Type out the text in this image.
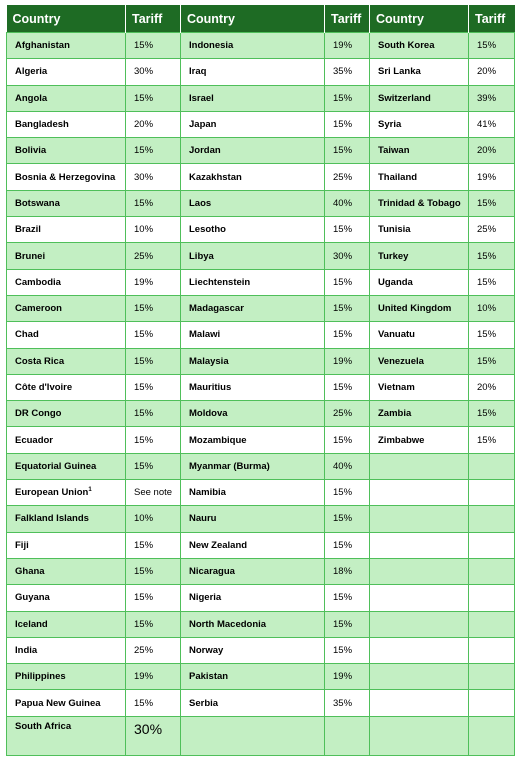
Country	Tariff	Country	Tariff	Country	Tariff
Afghanistan	15%	Indonesia	19%	South Korea	15%
Algeria	30%	Iraq	35%	Sri Lanka	20%
Angola	15%	Israel	15%	Switzerland	39%
Bangladesh	20%	Japan	15%	Syria	41%
Bolivia	15%	Jordan	15%	Taiwan	20%
Bosnia & Herzegovina	30%	Kazakhstan	25%	Thailand	19%
Botswana	15%	Laos	40%	Trinidad & Tobago	15%
Brazil	10%	Lesotho	15%	Tunisia	25%
Brunei	25%	Libya	30%	Turkey	15%
Cambodia	19%	Liechtenstein	15%	Uganda	15%
Cameroon	15%	Madagascar	15%	United Kingdom	10%
Chad	15%	Malawi	15%	Vanuatu	15%
Costa Rica	15%	Malaysia	19%	Venezuela	15%
Côte d'Ivoire	15%	Mauritius	15%	Vietnam	20%
DR Congo	15%	Moldova	25%	Zambia	15%
Ecuador	15%	Mozambique	15%	Zimbabwe	15%
Equatorial Guinea	15%	Myanmar (Burma)	40%		
European Union$^1$	See note	Namibia	15%		
Falkland Islands	10%	Nauru	15%		
Fiji	15%	New Zealand	15%		
Ghana	15%	Nicaragua	18%		
Guyana	15%	Nigeria	15%		
Iceland	15%	North Macedonia	15%		
India	25%	Norway	15%		
Philippines	19%	Pakistan	19%		
Papua New Guinea	15%	Serbia	35%		
South Africa	30%				
